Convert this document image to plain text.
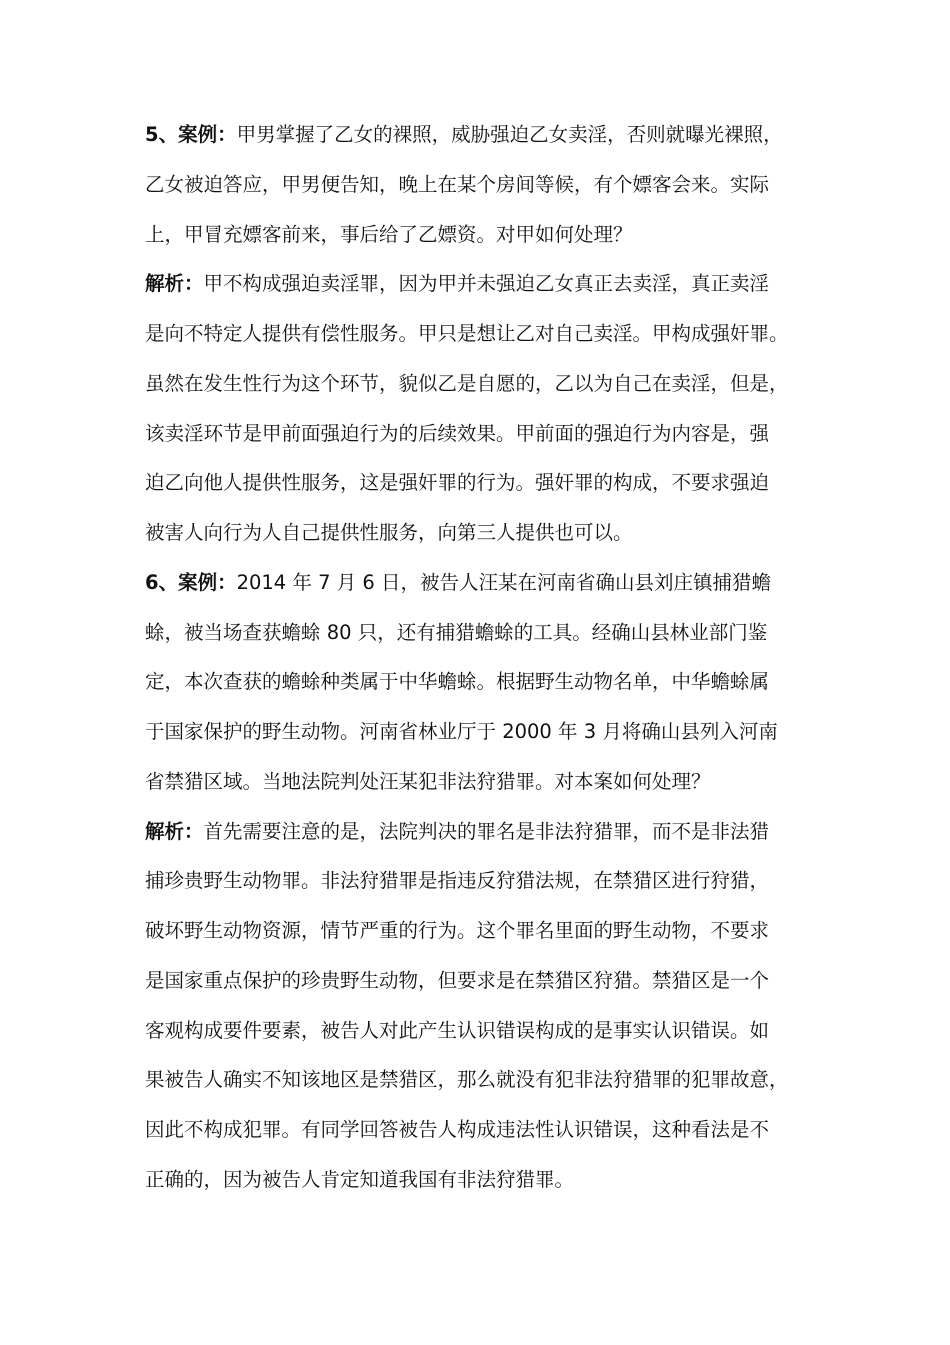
5、案例：甲男掌握了乙女的裸照，威胁强迫乙女卖淫，否则就曝光裸照，
乙女被迫答应，甲男便告知，晚上在某个房间等候，有个嫖客会来。实际
上，甲冒充嫖客前来，事后给了乙嫖资。对甲如何处理？
解析：甲不构成强迫卖淫罪，因为甲并未强迫乙女真正去卖淫，真正卖淫
是向不特定人提供有偿性服务。甲只是想让乙对自己卖淫。甲构成强奸罪。
虽然在发生性行为这个环节，貌似乙是自愿的，乙以为自己在卖淫，但是，
该卖淫环节是甲前面强迫行为的后续效果。甲前面的强迫行为内容是，强
迫乙向他人提供性服务，这是强奸罪的行为。强奸罪的构成，不要求强迫
被害人向行为人自己提供性服务，向第三人提供也可以。
6、案例：2014 年 7 月 6 日，被告人汪某在河南省确山县刘庄镇捕猎蟾
蜍，被当场查获蟾蜍 80 只，还有捕猎蟾蜍的工具。经确山县林业部门鉴
定，本次查获的蟾蜍种类属于中华蟾蜍。根据野生动物名单，中华蟾蜍属
于国家保护的野生动物。河南省林业厅于 2000 年 3 月将确山县列入河南
省禁猎区域。当地法院判处汪某犯非法狩猎罪。对本案如何处理？
解析：首先需要注意的是，法院判决的罪名是非法狩猎罪，而不是非法猎
捕珍贵野生动物罪。非法狩猎罪是指违反狩猎法规，在禁猎区进行狩猎，
破坏野生动物资源，情节严重的行为。这个罪名里面的野生动物，不要求
是国家重点保护的珍贵野生动物，但要求是在禁猎区狩猎。禁猎区是一个
客观构成要件要素，被告人对此产生认识错误构成的是事实认识错误。如
果被告人确实不知该地区是禁猎区，那么就没有犯非法狩猎罪的犯罪故意，
因此不构成犯罪。有同学回答被告人构成违法性认识错误，这种看法是不
正确的，因为被告人肯定知道我国有非法狩猎罪。
